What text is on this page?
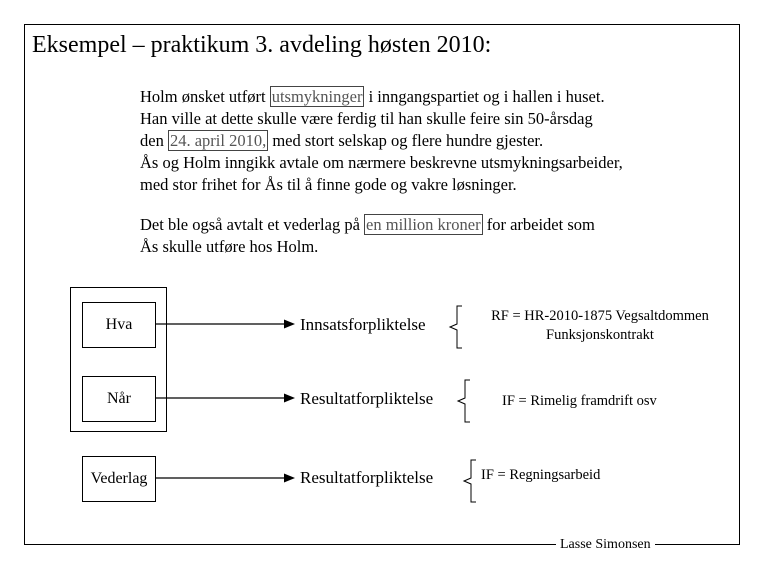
Eksempel – praktikum 3. avdeling høsten 2010:
Holm ønsket utført utsmykninger i inngangspartiet og i hallen i huset.
Han ville at dette skulle være ferdig til han skulle feire sin 50-årsdag
den 24. april 2010, med stort selskap og flere hundre gjester.
Ås og Holm inngikk avtale om nærmere beskrevne utsmykningsarbeider,
med stor frihet for Ås til å finne gode og vakre løsninger.
Det ble også avtalt et vederlag på en million kroner for arbeidet som
Ås skulle utføre hos Holm.
Hva
Når
Vederlag
Innsatsforpliktelse
Resultatforpliktelse
Resultatforpliktelse
RF = HR-2010-1875 Vegsaltdommen
Funksjonskontrakt
IF = Rimelig framdrift osv
IF = Regningsarbeid
Lasse Simonsen
